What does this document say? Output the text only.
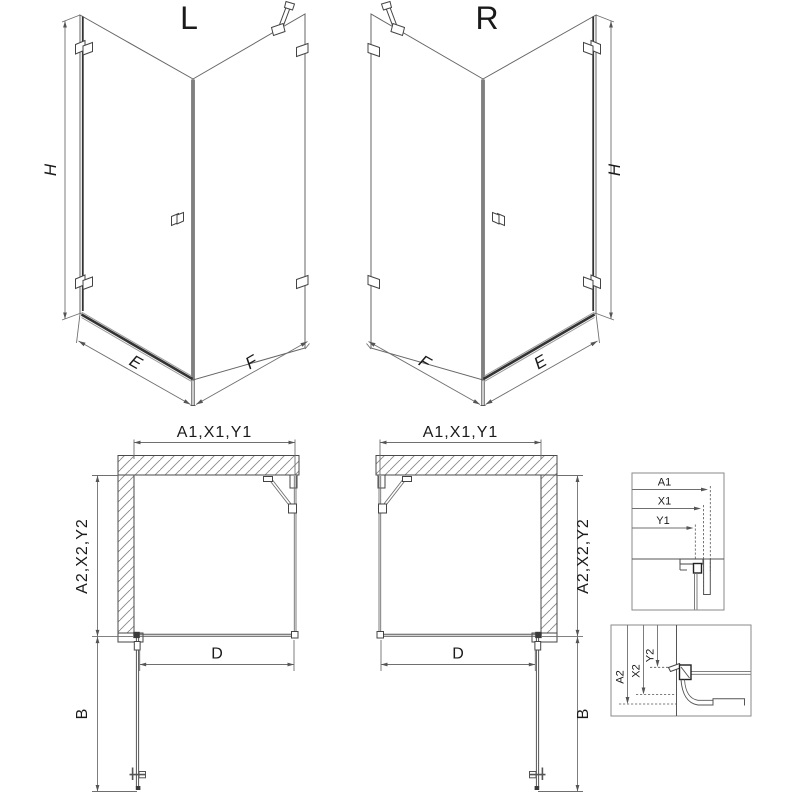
L
H
E	F
R
H
E
F
A1,X1,Y1
A2,X2,Y2
D
B
A1,X1,Y1
A2,X2,Y2
D
B
A1
X1
Y1
A2 X2
Y2
